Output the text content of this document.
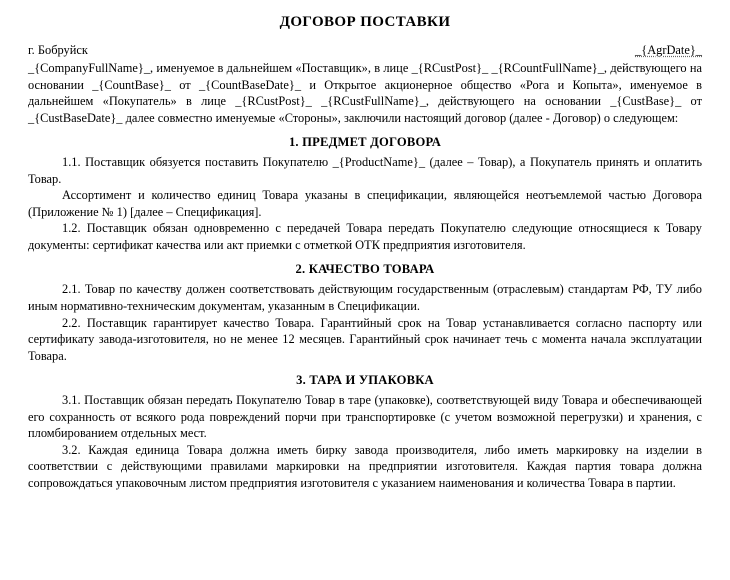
ДОГОВОР ПОСТАВКИ
г. Бобруйск	_{AgrDate}_

_{CompanyFullName}_, именуемое в дальнейшем «Поставщик», в лице _{RCustPost}_ _{RCountFullName}_, действующего на основании _{CountBase}_ от _{CountBaseDate}_ и Открытое акционерное общество «Рога и Копыта», именуемое в дальнейшем «Покупатель» в лице _{RCustPost}_ _{RCustFullName}_, действующего на основании _{CustBase}_ от _{CustBaseDate}_ далее совместно именуемые «Стороны», заключили настоящий договор (далее - Договор) о следующем:

1. ПРЕДМЕТ ДОГОВОРА

1.1. Поставщик обязуется поставить Покупателю _{ProductName}_ (далее – Товар), а Покупатель принять и оплатить Товар.

Ассортимент и количество единиц Товара указаны в спецификации, являющейся неотъемлемой частью Договора (Приложение № 1) [далее – Спецификация].

1.2. Поставщик обязан одновременно с передачей Товара передать Покупателю следующие относящиеся к Товару документы: сертификат качества или акт приемки с отметкой ОТК предприятия изготовителя.

2. КАЧЕСТВО ТОВАРА

2.1. Товар по качеству должен соответствовать действующим государственным (отраслевым) стандартам РФ, ТУ либо иным нормативно-техническим документам, указанным в Спецификации.

2.2. Поставщик гарантирует качество Товара. Гарантийный срок на Товар устанавливается согласно паспорту или сертификату завода-изготовителя, но не менее 12 месяцев. Гарантийный срок начинает течь с момента начала эксплуатации Товара.

3. ТАРА И УПАКОВКА

3.1. Поставщик обязан передать Покупателю Товар в таре (упаковке), соответствующей виду Товара и обеспечивающей его сохранность от всякого рода повреждений порчи при транспортировке (с учетом возможной перегрузки) и хранения, с пломбированием отдельных мест.

3.2. Каждая единица Товара должна иметь бирку завода производителя, либо иметь маркировку на изделии в соответствии с действующими правилами маркировки на предприятии изготовителя. Каждая партия товара должна сопровождаться упаковочным листом предприятия изготовителя с указанием наименования и количества Товара в партии.
